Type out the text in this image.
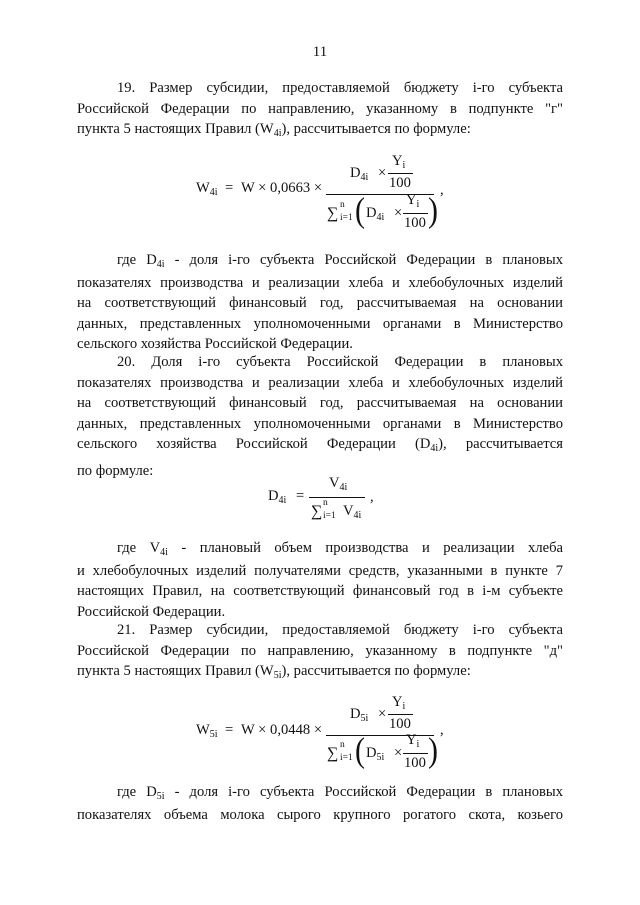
11
19. Размер субсидии, предоставляемой бюджету i-го субъекта
Российской Федерации по направлению, указанному в подпункте "г"
пункта 5 настоящих Правил $(W_{4i})$, рассчитывается по формуле:
$W_{4i} = W \times 0,0663$ ×
$D_{4i}$ ×
$Y_i$
100
∑ n
i=1 ( $D_{4i}$ ×
$Y_i$
100 )
,
где $D_{4i}$ - доля i-го субъекта Российской Федерации в плановых
показателях производства и реализации хлеба и хлебобулочных изделий
на соответствующий финансовый год, рассчитываемая на основании
данных, представленных уполномоченными органами в Министерство
сельского хозяйства Российской Федерации.
20. Доля i-го субъекта Российской Федерации в плановых
показателях производства и реализации хлеба и хлебобулочных изделий
на соответствующий финансовый год, рассчитываемая на основании
данных, представленных уполномоченными органами в Министерство
сельского хозяйства Российской Федерации $(D_{4i})$, рассчитывается
по формуле:
$D_{4i}$ =
$V_{4i}$
∑ n
i=1 $V_{4i}$
,
где $V_{4i}$ - плановый объем производства и реализации хлеба
и хлебобулочных изделий получателями средств, указанными в пункте 7
настоящих Правил, на соответствующий финансовый год в i-м субъекте
Российской Федерации.
21. Размер субсидии, предоставляемой бюджету i-го субъекта
Российской Федерации по направлению, указанному в подпункте "д"
пункта 5 настоящих Правил $(W_{5i})$, рассчитывается по формуле:
$W_{5i} = W \times 0,0448$ ×
$D_{5i}$ ×
$Y_i$
100
∑ n
i=1 ( $D_{5i}$ ×
$Y_i$
100 )
,
где $D_{5i}$ - доля i-го субъекта Российской Федерации в плановых
показателях объема молока сырого крупного рогатого скота, козьего
